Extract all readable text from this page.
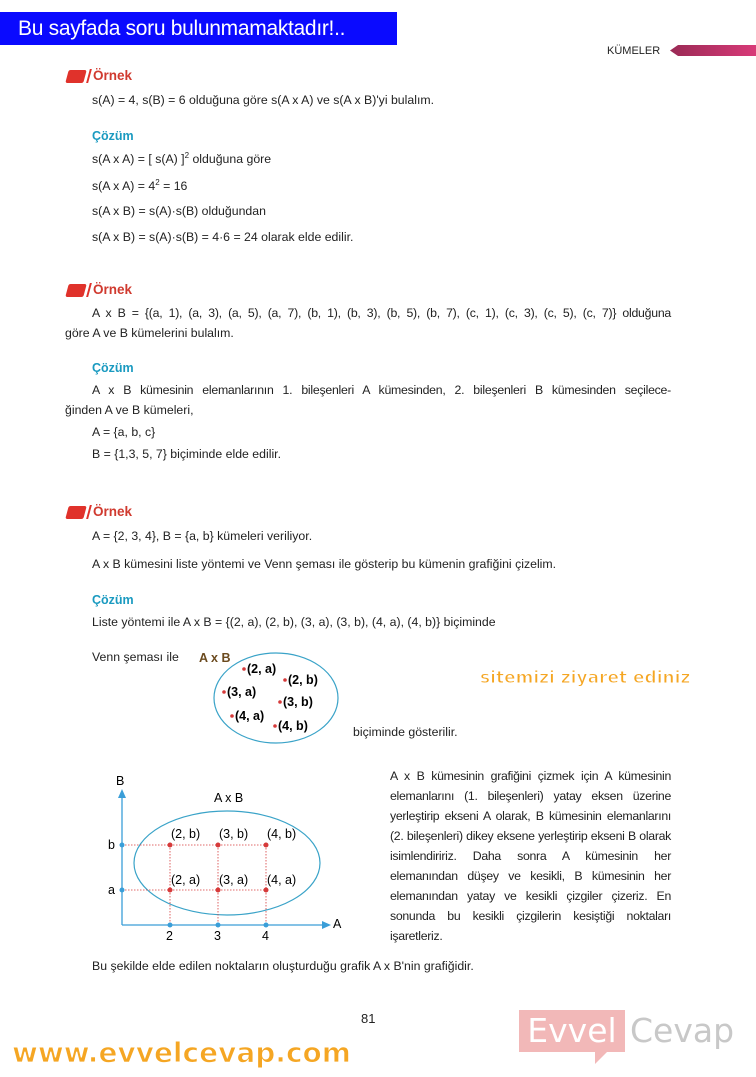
Bu sayfada soru bulunmamaktadır!..
KÜMELER
Örnek
s(A) = 4, s(B) = 6 olduğuna göre s(A x A) ve s(A x B)'yi bulalım.
Çözüm
s(A x A) = [ s(A) ]$^2$ olduğuna göre
s(A x $A) = 4^2 = 16$
s(A x B) = s(A)·s(B) olduğundan
s(A x B) = s(A)·s(B) = 4·6 = 24 olarak elde edilir.
Örnek
A x B = {(a, 1), (a, 3), (a, 5), (a, 7), (b, 1), (b, 3), (b, 5), (b, 7), (c, 1), (c, 3), (c, 5), (c, 7)} olduğuna
göre A ve B kümelerini bulalım.
Çözüm
A x B kümesinin elemanlarının 1. bileşenleri A kümesinden, 2. bileşenleri B kümesinden seçilece-
ğinden A ve B kümeleri,
A = {a, b, c}
B = {1,3, 5, 7} biçiminde elde edilir.
Örnek
A = {2, 3, 4}, B = {a, b} kümeleri veriliyor.
A x B kümesini liste yöntemi ve Venn şeması ile gösterip bu kümenin grafiğini çizelim.
Çözüm
Liste yöntemi ile A x B = {(2, a), (2, b), (3, a), (3, b), (4, a), (4, b)} biçiminde
Venn şeması ile A x B
(2, a)
(2, b)
(3, a)
(3, b)
(4, a)
(4, b)
B
A
A x B
b
a
2
(2, b)
(2, a)
3
(3, b)
(3, a)
4
(4, b)
(4, a)
biçiminde gösterilir.
A x B kümesinin grafiğini çizmek için A kümesinin elemanlarını (1. bileşenleri) yatay eksen üzerine yerleştirip ekseni A olarak, B kümesinin elemanlarını (2. bileşenleri) dikey eksene yerleştirip ekseni B olarak isimlendiririz. Daha sonra A kümesinin her elemanından düşey ve kesikli, B kümesinin her elemanından yatay ve kesikli çizgiler çizeriz. En sonunda bu kesikli çizgilerin kesiştiği noktaları işaretleriz.
Bu şekilde elde edilen noktaların oluşturduğu grafik A x B'nin grafiğidir.
81
sitemizi ziyaret ediniz
www.evvelcevap.com
Evvel Cevap
